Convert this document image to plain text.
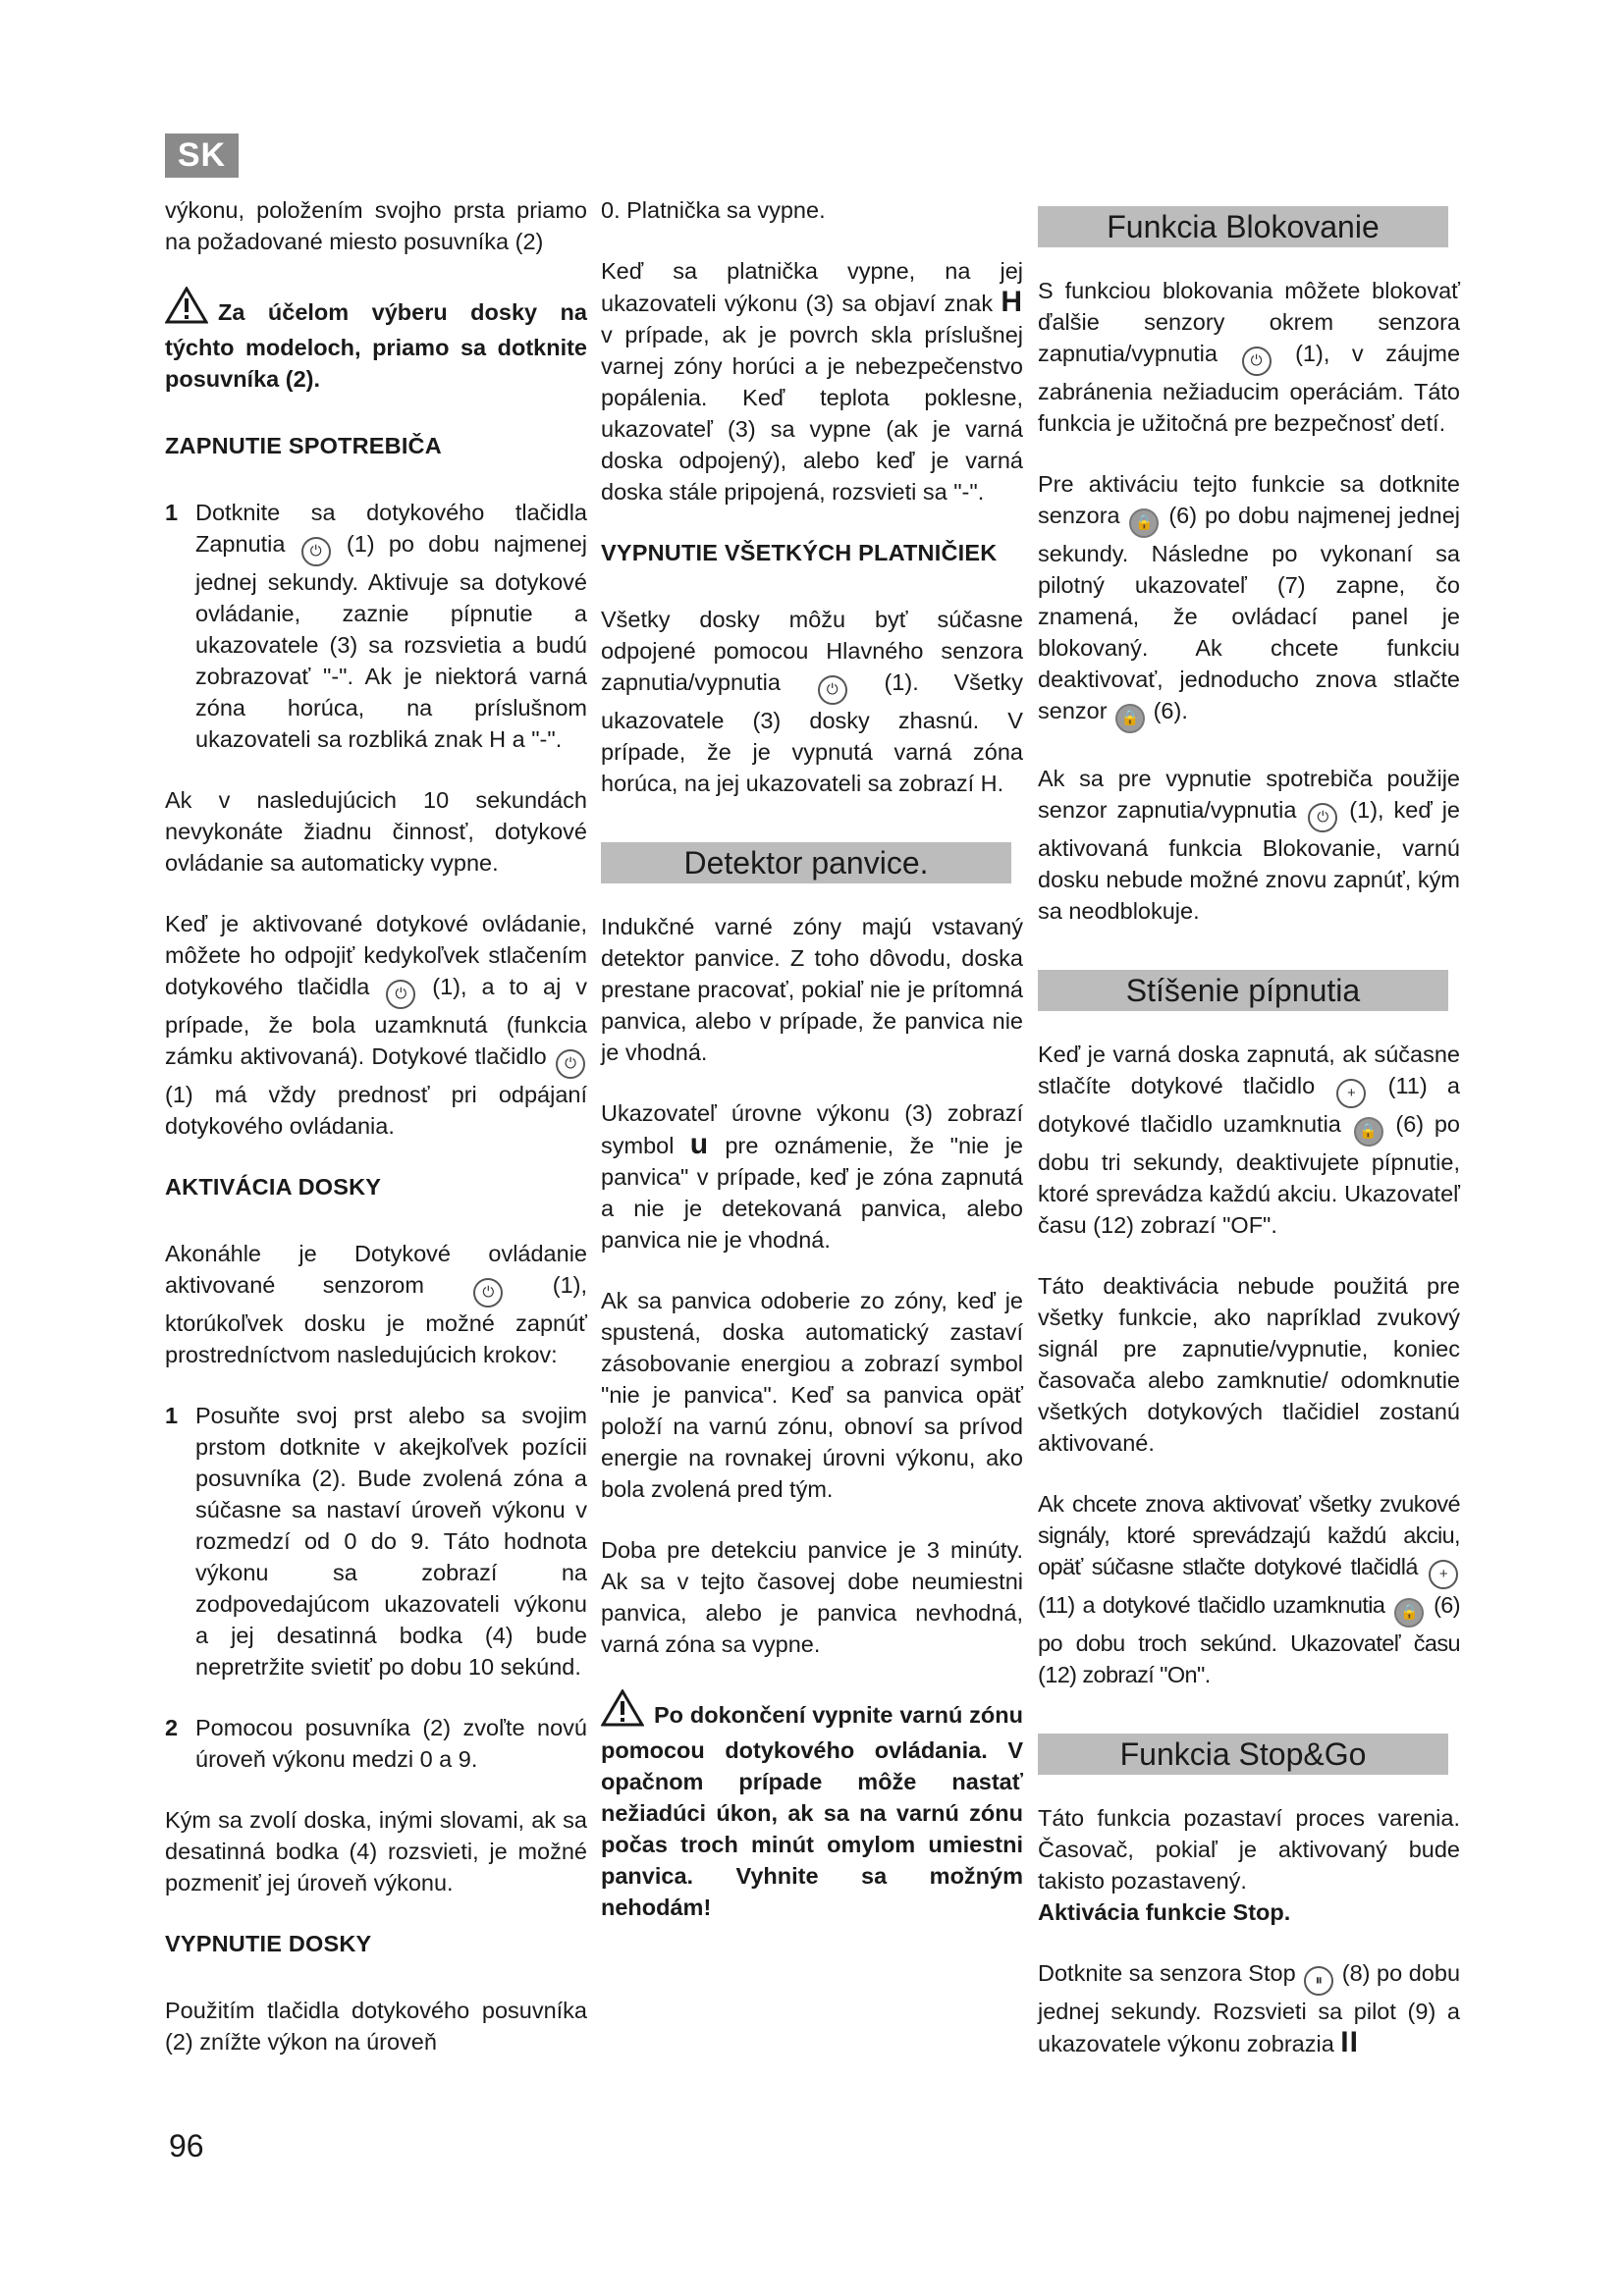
SK

výkonu, položením svojho prsta priamo na požadované miesto posuvníka (2)

Za účelom výberu dosky na týchto modeloch, priamo sa dotknite posuvníka (2).
ZAPNUTIE SPOTREBIČA
1 Dotknite sa dotykového tlačidla Zapnutia ⏻ (1) po dobu najmenej jednej sekundy. Aktivuje sa dotykové ovládanie, zaznie pípnutie a ukazovatele (3) sa rozsvietia a budú zobrazovať "-". Ak je niektorá varná zóna horúca, na príslušnom ukazovateli sa rozbliká znak H a "-".

Ak v nasledujúcich 10 sekundách nevykonáte žiadnu činnosť, dotykové ovládanie sa automaticky vypne.

Keď je aktivované dotykové ovládanie, môžete ho odpojiť kedykoľvek stlačením dotykového tlačidla ⏻ (1), a to aj v prípade, že bola uzamknutá (funkcia zámku aktivovaná). Dotykové tlačidlo ⏻ (1) má vždy prednosť pri odpájaní dotykového ovládania.

AKTIVÁCIA DOSKY

Akonáhle je Dotykové ovládanie aktivované senzorom	⏻	(1), ktorúkoľvek dosku je možné zapnúť prostredníctvom nasledujúcich krokov:

1 Posuňte svoj prst alebo sa svojim prstom dotknite v akejkoľvek pozícii posuvníka (2). Bude zvolená zóna a súčasne sa nastaví úroveň výkonu v rozmedzí od 0 do 9. Táto hodnota výkonu sa zobrazí na zodpovedajúcom ukazovateli výkonu a jej desatinná bodka (4) bude nepretržite svietiť po dobu 10 sekúnd.
2 Pomocou posuvníka (2) zvoľte novú úroveň výkonu medzi 0 a 9.

Kým sa zvolí doska, inými slovami, ak sa desatinná bodka (4) rozsvieti, je možné pozmeniť jej úroveň výkonu.

VYPNUTIE DOSKY

Použitím tlačidla dotykového posuvníka (2) znížte výkon na úroveň

0. Platnička sa vypne.

Keď sa platnička vypne, na jej ukazovateli výkonu (3) sa objaví znak H v prípade, ak je povrch skla príslušnej varnej zóny horúci a je nebezpečenstvo popálenia. Keď teplota poklesne, ukazovateľ (3) sa vypne (ak je varná doska odpojený), alebo keď je varná doska stále pripojená, rozsvieti sa "-".

VYPNUTIE VŠETKÝCH PLATNIČIEK

Všetky dosky môžu byť súčasne odpojené pomocou Hlavného senzora zapnutia/vypnutia	⏻ (1). Všetky ukazovatele (3) dosky zhasnú. V prípade, že je vypnutá varná zóna horúca, na jej ukazovateli sa zobrazí H.

Detektor panvice.

Indukčné varné zóny majú vstavaný detektor panvice. Z toho dôvodu, doska prestane pracovať, pokiaľ nie je prítomná panvica, alebo v prípade, že panvica nie je vhodná.

Ukazovateľ úrovne výkonu (3) zobrazí symbol u pre oznámenie, že "nie je panvica" v prípade, keď je zóna zapnutá a nie je detekovaná panvica, alebo panvica nie je vhodná.

Ak sa panvica odoberie zo zóny, keď je spustená, doska automatický zastaví zásobovanie energiou a zobrazí symbol "nie je panvica". Keď sa panvica opäť položí na varnú zónu, obnoví sa prívod energie na rovnakej úrovni výkonu, ako bola zvolená pred tým.

Doba pre detekciu panvice je 3 minúty. Ak sa v tejto časovej dobe neumiestni panvica, alebo je panvica nevhodná, varná zóna sa vypne.

Po dokončení vypnite varnú zónu pomocou dotykového ovládania. V opačnom prípade môže nastať nežiadúci úkon, ak sa na varnú zónu počas troch minút omylom umiestni panvica. Vyhnite sa možným nehodám!
Funkcia Blokovanie

S funkciou blokovania môžete blokovať ďalšie senzory okrem senzora zapnutia/vypnutia ⏻ (1), v záujme zabránenia nežiaducim operáciám. Táto funkcia je užitočná pre bezpečnosť detí.

Pre aktiváciu tejto funkcie sa dotknite senzora 🔒 (6) po dobu najmenej jednej sekundy. Následne po vykonaní sa pilotný ukazovateľ (7) zapne, čo znamená, že ovládací panel je blokovaný. Ak chcete funkciu deaktivovať, jednoducho znova stlačte senzor 🔒 (6).

Ak sa pre vypnutie spotrebiča použije senzor zapnutia/vypnutia ⏻ (1), keď je aktivovaná funkcia Blokovanie, varnú dosku nebude možné znovu zapnúť, kým sa neodblokuje.

Stíšenie pípnutia

Keď je varná doska zapnutá, ak súčasne stlačíte dotykové tlačidlo + (11) a dotykové tlačidlo uzamknutia 🔒 (6) po dobu tri sekundy, deaktivujete pípnutie, ktoré sprevádza každú akciu. Ukazovateľ času (12) zobrazí "OF".

Táto deaktivácia nebude použitá pre všetky funkcie, ako napríklad zvukový signál pre zapnutie/vypnutie, koniec časovača alebo zamknutie/ odomknutie všetkých dotykových tlačidiel zostanú aktivované.

Ak chcete znova aktivovať všetky zvukové signály, ktoré sprevádzajú každú akciu, opäť súčasne stlačte dotykové tlačidlá + (11) a dotykové tlačidlo uzamknutia 🔒 (6) po dobu troch sekúnd. Ukazovateľ času (12) zobrazí "On".

Funkcia Stop&Go

Táto funkcia pozastaví proces varenia. Časovač, pokiaľ je aktivovaný bude takisto pozastavený.

Aktivácia funkcie Stop.

Dotknite sa senzora Stop ⏸ (8) po dobu jednej sekundy. Rozsvieti sa pilot (9) a ukazovatele výkonu zobrazia II

96
